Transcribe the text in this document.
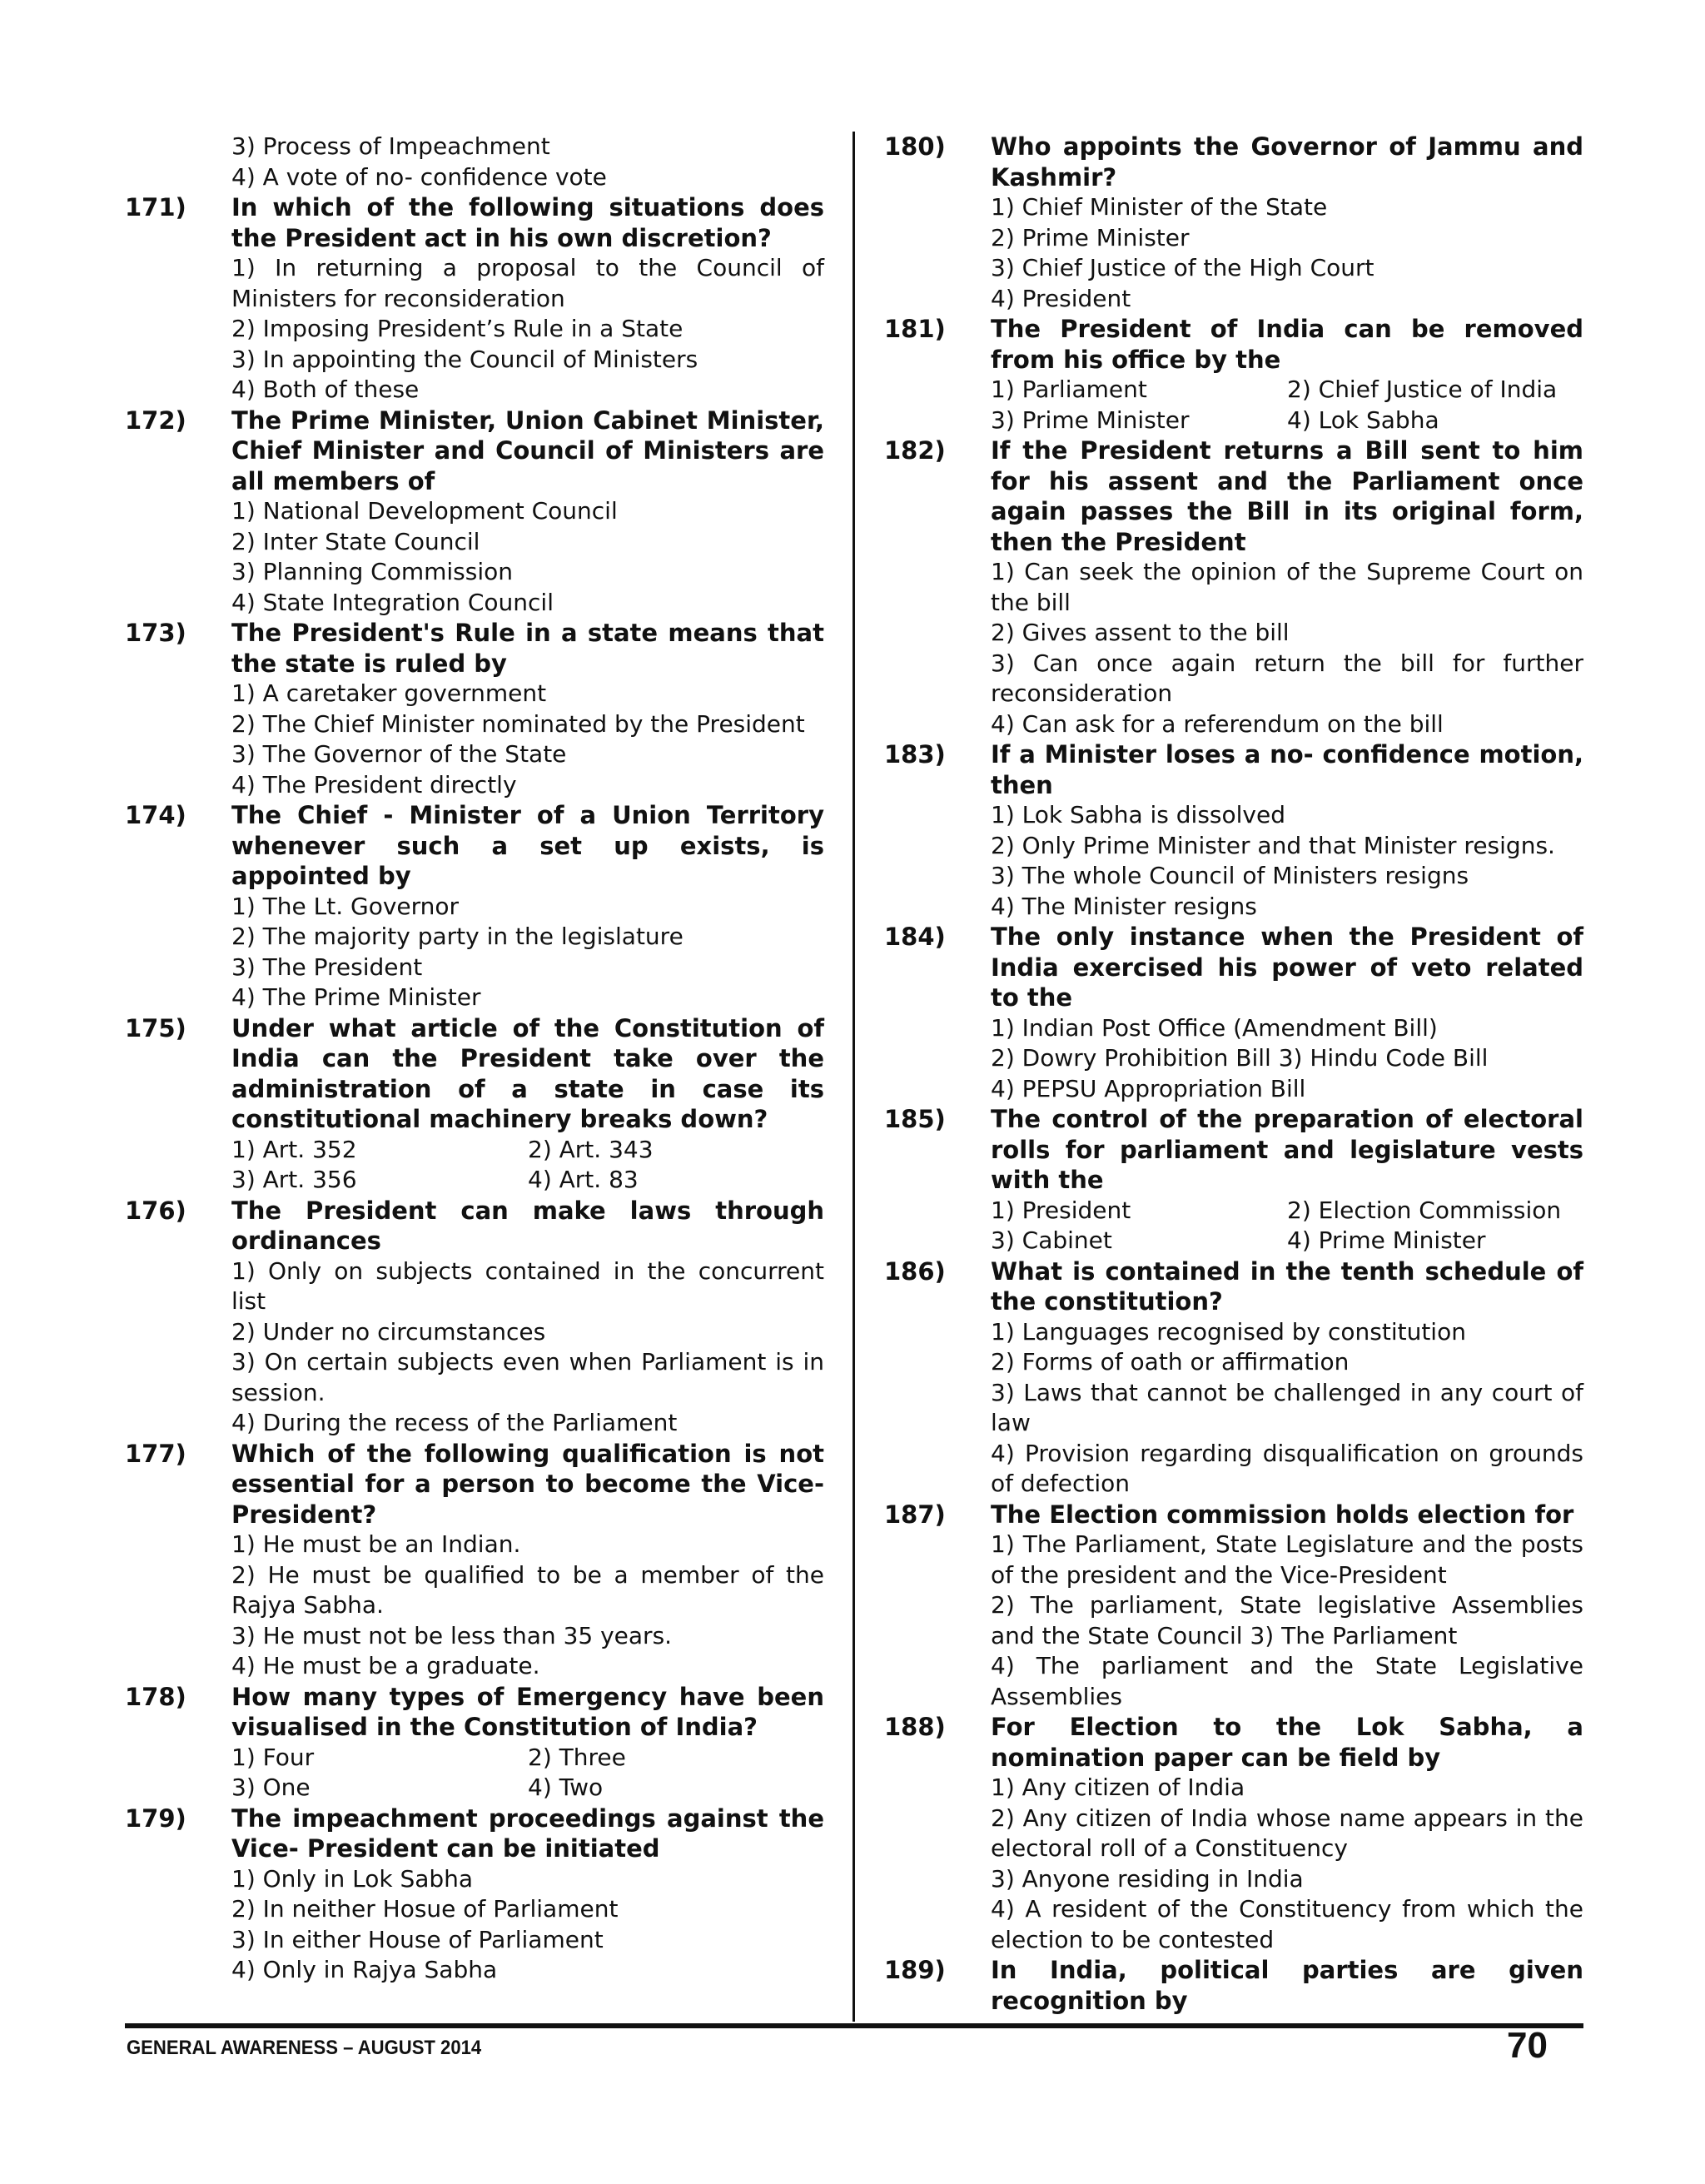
3) Process of Impeachment
4) A vote of no- confidence vote
171)	In which of the following situations does the President act in his own discretion?
1) In returning a proposal to the Council of Ministers for reconsideration
2) Imposing President’s Rule in a State
3) In appointing the Council of Ministers
4) Both of these
172)	The Prime Minister, Union Cabinet Minister, Chief Minister and Council of Ministers are all members of
1) National Development Council
2) Inter State Council
3) Planning Commission
4) State Integration Council
173)	The President's Rule in a state means that the state is ruled by
1) A caretaker government
2) The Chief Minister nominated by the President
3) The Governor of the State
4) The President directly
174)	The Chief - Minister of a Union Territory whenever such a set up exists, is appointed by
1) The Lt. Governor
2) The majority party in the legislature
3) The President
4) The Prime Minister
175)	Under what article of the Constitution of India can the President take over the administration of a state in case its constitutional machinery breaks down?
1) Art. 352	2) Art. 343
3) Art. 356	4) Art. 83
176)	The President can make laws through ordinances
1) Only on subjects contained in the concurrent list
2) Under no circumstances
3) On certain subjects even when Parliament is in session.
4) During the recess of the Parliament
177)	Which of the following qualification is not essential for a person to become the Vice-President?
1) He must be an Indian.
2) He must be qualified to be a member of the Rajya Sabha.
3) He must not be less than 35 years.
4) He must be a graduate.
178)	How many types of Emergency have been visualised in the Constitution of India?
1) Four	2) Three
3) One	4) Two
179)	The impeachment proceedings against the Vice- President can be initiated
1) Only in Lok Sabha
2) In neither Hosue of Parliament
3) In either House of Parliament
4) Only in Rajya Sabha
180)	Who appoints the Governor of Jammu and Kashmir?
1) Chief Minister of the State
2) Prime Minister
3) Chief Justice of the High Court
4) President
181)	The President of India can be removed from his office by the
1) Parliament	2) Chief Justice of India
3) Prime Minister	4) Lok Sabha
182)	If the President returns a Bill sent to him for his assent and the Parliament once again passes the Bill in its original form, then the President
1) Can seek the opinion of the Supreme Court on the bill
2) Gives assent to the bill
3) Can once again return the bill for further reconsideration
4) Can ask for a referendum on the bill
183)	If a Minister loses a no- confidence motion, then
1) Lok Sabha is dissolved
2) Only Prime Minister and that Minister resigns.
3) The whole Council of Ministers resigns
4) The Minister resigns
184)	The only instance when the President of India exercised his power of veto related to the
1) Indian Post Office (Amendment Bill)
2) Dowry Prohibition Bill 3) Hindu Code Bill
4) PEPSU Appropriation Bill
185)	The control of the preparation of electoral rolls for parliament and legislature vests with the
1) President	2) Election Commission
3) Cabinet	4) Prime Minister
186)	What is contained in the tenth schedule of the constitution?
1) Languages recognised by constitution
2) Forms of oath or affirmation
3) Laws that cannot be challenged in any court of law
4) Provision regarding disqualification on grounds of defection
187)	The Election commission holds election for
1) The Parliament, State Legislature and the posts of the president and the Vice-President
2) The parliament, State legislative Assemblies and the State Council 3) The Parliament
4) The parliament and the State Legislative Assemblies
188)	For Election to the Lok Sabha, a nomination paper can be field by
1) Any citizen of India
2) Any citizen of India whose name appears in the electoral roll of a Constituency
3) Anyone residing in India
4) A resident of the Constituency from which the election to be contested
189)	In India, political parties are given recognition by
GENERAL AWARENESS – AUGUST 2014	70
